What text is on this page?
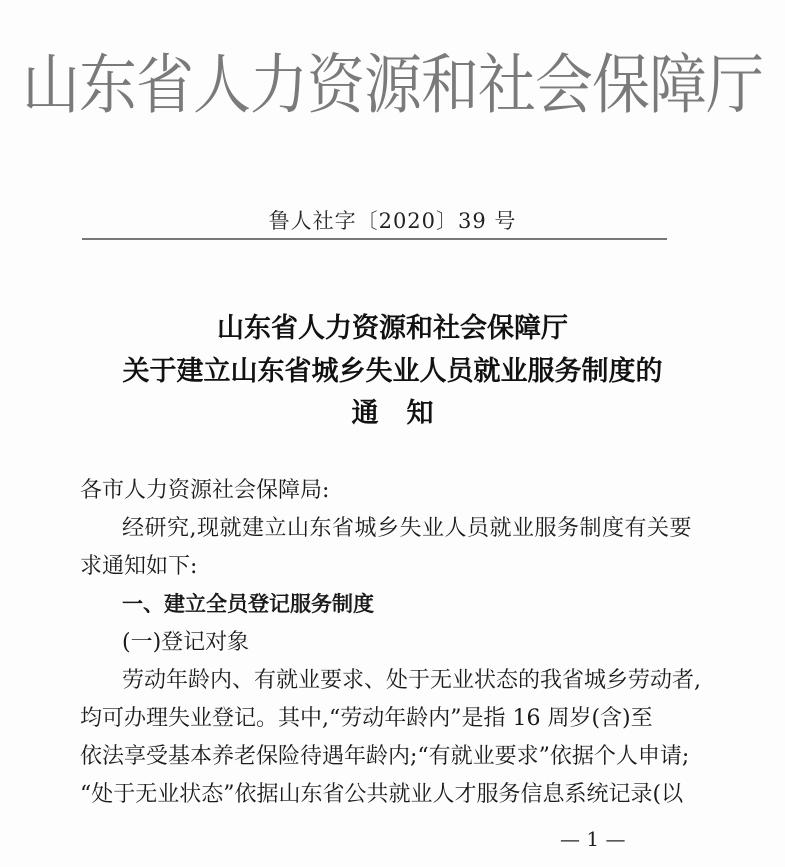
山东省人力资源和社会保障厅
鲁人社字〔2020〕39 号
山东省人力资源和社会保障厅
关于建立山东省城乡失业人员就业服务制度的
通知
各市人力资源社会保障局:
经研究,现就建立山东省城乡失业人员就业服务制度有关要
求通知如下:
一、建立全员登记服务制度
(一)登记对象
劳动年龄内、有就业要求、处于无业状态的我省城乡劳动者,
均可办理失业登记。其中,“劳动年龄内”是指 16 周岁(含)至
依法享受基本养老保险待遇年龄内;“有就业要求”依据个人申请;
“处于无业状态”依据山东省公共就业人才服务信息系统记录(以
— 1 —
